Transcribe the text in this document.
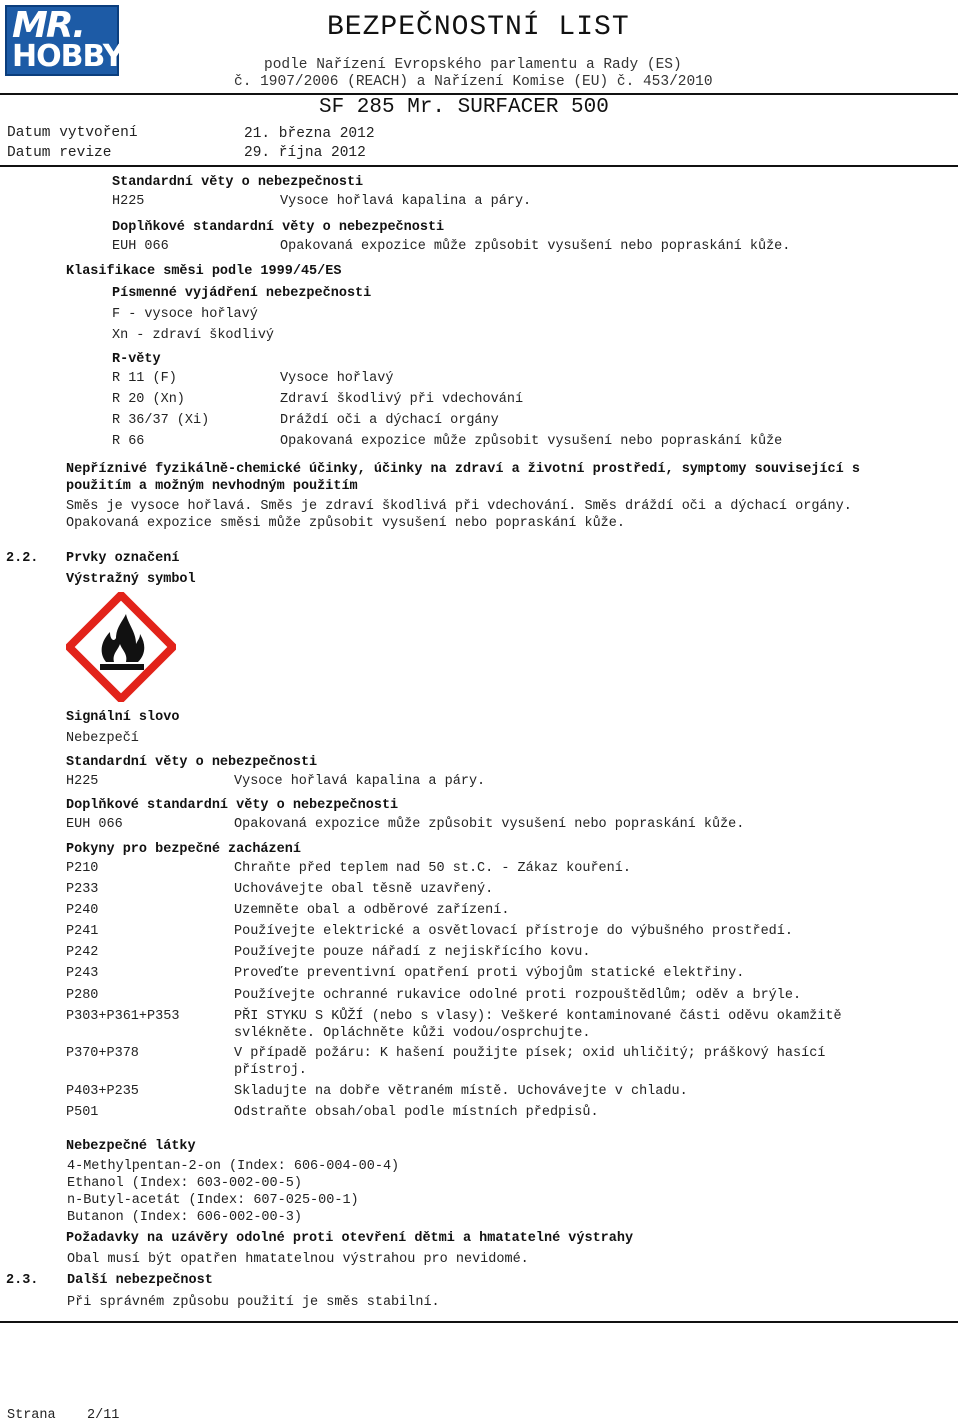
MR.
HOBBY
BEZPEČNOSTNÍ LIST
podle Nařízení Evropského parlamentu a Rady (ES)
č. 1907/2006 (REACH) a Nařízení Komise (EU) č. 453/2010
SF 285 Mr. SURFACER 500
Datum vytvoření	21. března 2012
Datum revize	29. října 2012
Standardní věty o nebezpečnosti
H225	Vysoce hořlavá kapalina a páry.
Doplňkové standardní věty o nebezpečnosti
EUH 066	Opakovaná expozice může způsobit vysušení nebo popraskání kůže.
Klasifikace směsi podle 1999/45/ES
Písmenné vyjádření nebezpečnosti
F - vysoce hořlavý
Xn - zdraví škodlivý
R-věty
R 11 (F)	Vysoce hořlavý
R 20 (Xn)	Zdraví škodlivý při vdechování
R 36/37 (Xi)	Dráždí oči a dýchací orgány
R 66	Opakovaná expozice může způsobit vysušení nebo popraskání kůže
Nepříznivé fyzikálně-chemické účinky, účinky na zdraví a životní prostředí, symptomy související s
použitím a možným nevhodným použitím
Směs je vysoce hořlavá. Směs je zdraví škodlivá při vdechování. Směs dráždí oči a dýchací orgány.
Opakovaná expozice směsi může způsobit vysušení nebo popraskání kůže.
2.2. Prvky označení
Výstražný symbol
Signální slovo
Nebezpečí
Standardní věty o nebezpečnosti
H225	Vysoce hořlavá kapalina a páry.
Doplňkové standardní věty o nebezpečnosti
EUH 066	Opakovaná expozice může způsobit vysušení nebo popraskání kůže.
Pokyny pro bezpečné zacházení
P210	Chraňte před teplem nad 50 st.C. - Zákaz kouření.
P233	Uchovávejte obal těsně uzavřený.
P240	Uzemněte obal a odběrové zařízení.
P241	Používejte elektrické a osvětlovací přístroje do výbušného prostředí.
P242	Používejte pouze nářadí z nejiskřícího kovu.
P243	Proveďte preventivní opatření proti výbojům statické elektřiny.
P280	Používejte ochranné rukavice odolné proti rozpouštědlům; oděv a brýle.
P303+P361+P353	PŘI STYKU S KŮŽÍ (nebo s vlasy): Veškeré kontaminované části oděvu okamžitě
svlékněte. Opláchněte kůži vodou/osprchujte.
P370+P378	V případě požáru: K hašení použijte písek; oxid uhličitý; práškový hasící
přístroj.
P403+P235	Skladujte na dobře větraném místě. Uchovávejte v chladu.
P501	Odstraňte obsah/obal podle místních předpisů.
Nebezpečné látky
4-Methylpentan-2-on (Index: 606-004-00-4)
Ethanol (Index: 603-002-00-5)
n-Butyl-acetát (Index: 607-025-00-1)
Butanon (Index: 606-002-00-3)
Požadavky na uzávěry odolné proti otevření dětmi a hmatatelné výstrahy
Obal musí být opatřen hmatatelnou výstrahou pro nevidomé.
2.3. Další nebezpečnost
Při správném způsobu použití je směs stabilní.
Strana 2/11
